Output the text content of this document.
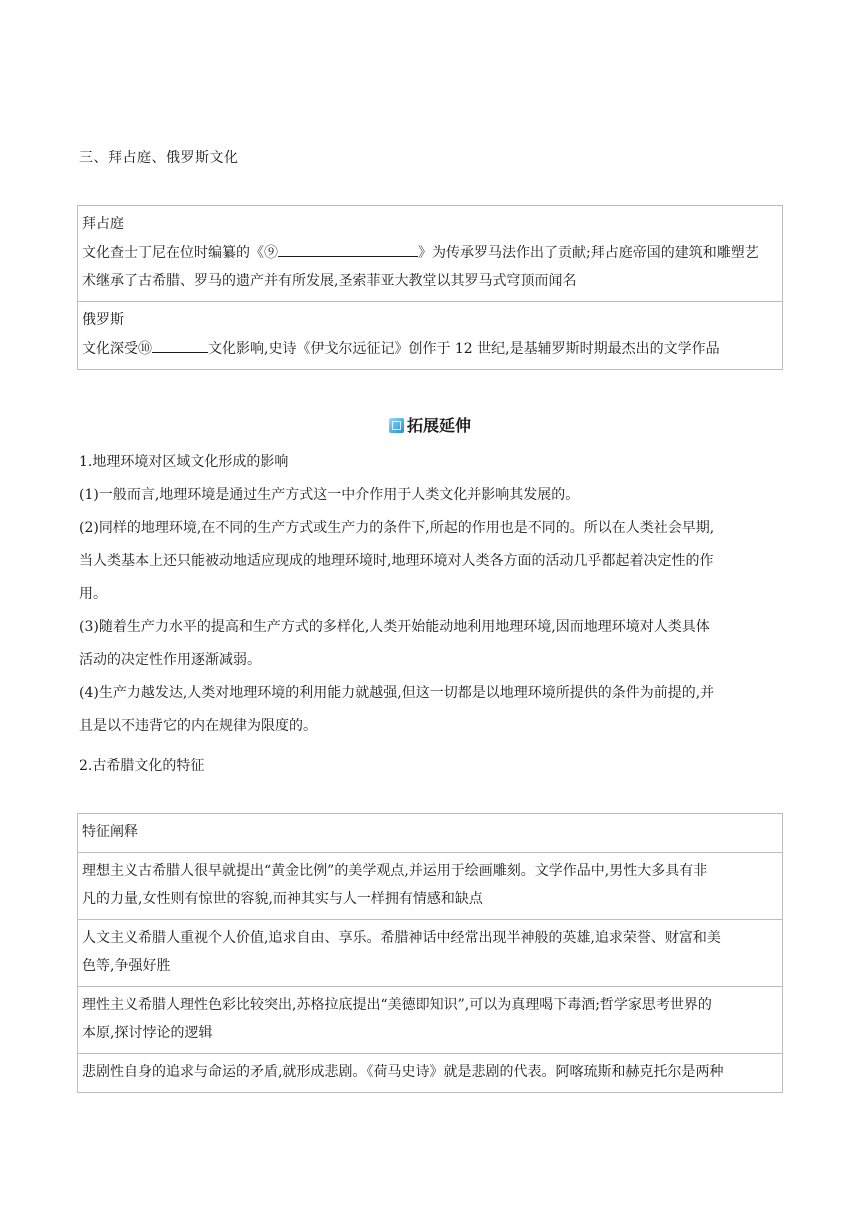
三、拜占庭、俄罗斯文化
拜占庭
文化查士丁尼在位时编纂的《⑨	》为传承罗马法作出了贡献;拜占庭帝国的建筑和雕塑艺
术继承了古希腊、罗马的遗产并有所发展,圣索菲亚大教堂以其罗马式穹顶而闻名

俄罗斯
文化深受⑩	文化影响,史诗《伊戈尔远征记》创作于 12 世纪,是基辅罗斯时期最杰出的文学作品
拓展延伸
1.地理环境对区域文化形成的影响
(1)一般而言,地理环境是通过生产方式这一中介作用于人类文化并影响其发展的。
(2)同样的地理环境,在不同的生产方式或生产力的条件下,所起的作用也是不同的。所以在人类社会早期,
当人类基本上还只能被动地适应现成的地理环境时,地理环境对人类各方面的活动几乎都起着决定性的作
用。
(3)随着生产力水平的提高和生产方式的多样化,人类开始能动地利用地理环境,因而地理环境对人类具体
活动的决定性作用逐渐减弱。
(4)生产力越发达,人类对地理环境的利用能力就越强,但这一切都是以地理环境所提供的条件为前提的,并
且是以不违背它的内在规律为限度的。
2.古希腊文化的特征
特征阐释

理想主义古希腊人很早就提出“黄金比例”的美学观点,并运用于绘画雕刻。文学作品中,男性大多具有非
凡的力量,女性则有惊世的容貌,而神其实与人一样拥有情感和缺点

人文主义希腊人重视个人价值,追求自由、享乐。希腊神话中经常出现半神般的英雄,追求荣誉、财富和美
色等,争强好胜

理性主义希腊人理性色彩比较突出,苏格拉底提出“美德即知识”,可以为真理喝下毒酒;哲学家思考世界的
本原,探讨悖论的逻辑

悲剧性自身的追求与命运的矛盾,就形成悲剧。《荷马史诗》就是悲剧的代表。阿喀琉斯和赫克托尔是两种
